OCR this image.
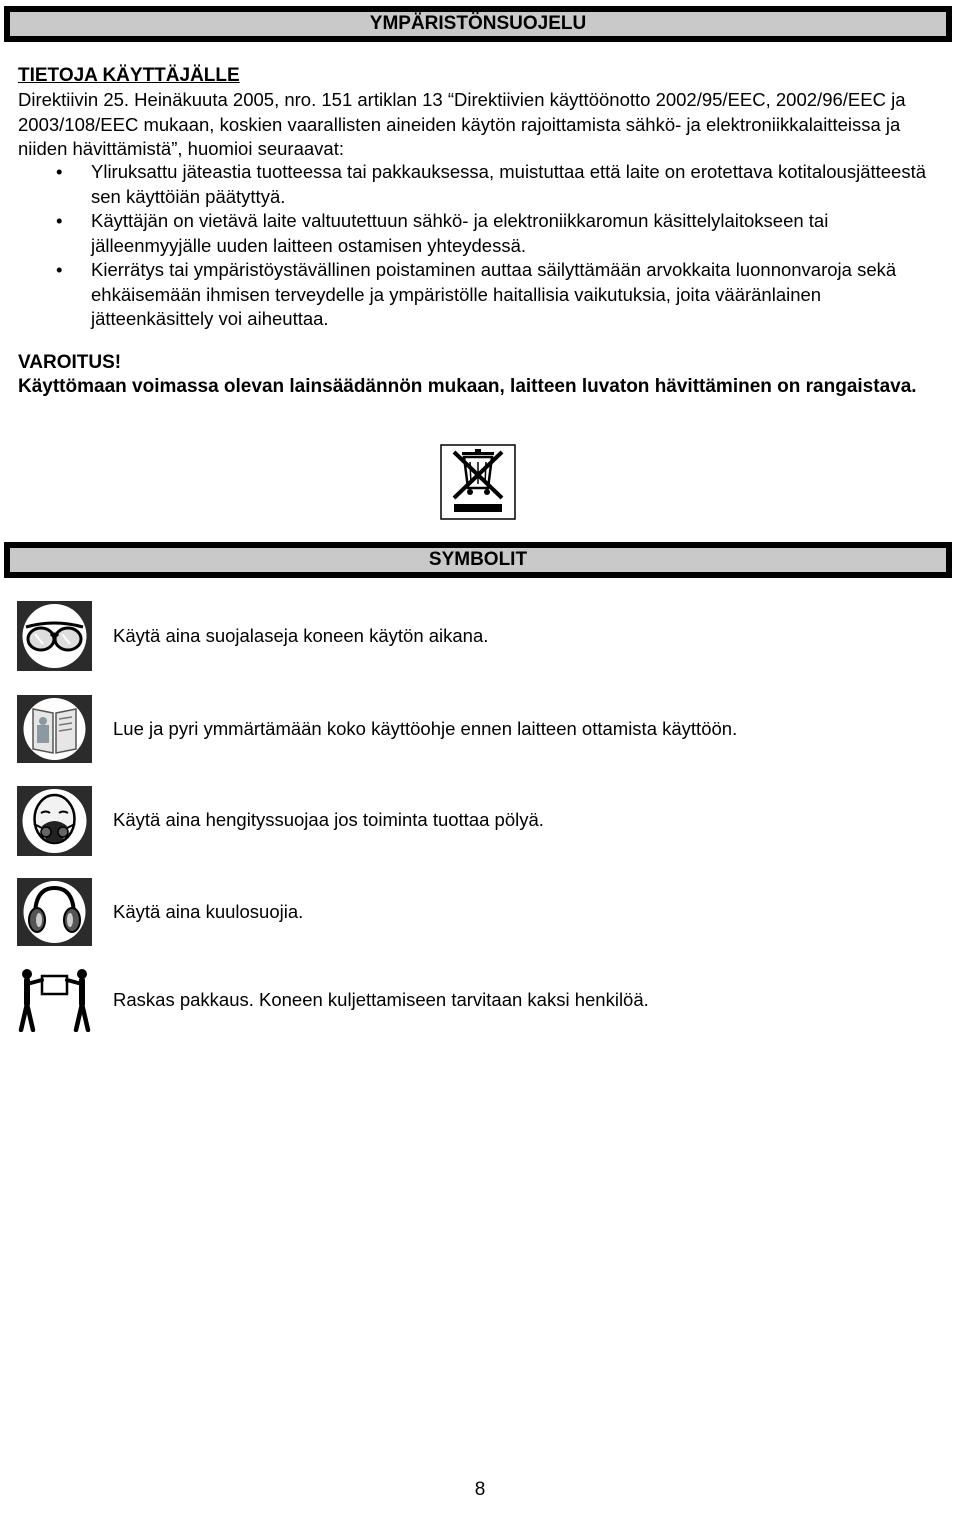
YMPÄRISTÖNSUOJELU
TIETOJA KÄYTTÄJÄLLE
Direktiivin 25. Heinäkuuta 2005, nro. 151 artiklan 13 “Direktiivien käyttöönotto 2002/95/EEC, 2002/96/EEC ja 2003/108/EEC mukaan, koskien vaarallisten aineiden käytön rajoittamista sähkö- ja elektroniikkalaitteissa ja niiden hävittämistä”, huomioi seuraavat:
• Yliruksattu jäteastia tuotteessa tai pakkauksessa, muistuttaa että laite on erotettava kotitalousjätteestä sen käyttöiän päätyttyä.
• Käyttäjän on vietävä laite valtuutettuun sähkö- ja elektroniikkaromun käsittelylaitokseen tai jälleenmyyjälle uuden laitteen ostamisen yhteydessä.
• Kierrätys tai ympäristöystävällinen poistaminen auttaa säilyttämään arvokkaita luonnonvaroja sekä ehkäisemään ihmisen terveydelle ja ympäristölle haitallisia vaikutuksia, joita vääränlainen jätteenkäsittely voi aiheuttaa.
VAROITUS!
Käyttömaan voimassa olevan lainsäädännön mukaan, laitteen luvaton hävittäminen on rangaistava.
SYMBOLIT
Käytä aina suojalaseja koneen käytön aikana.
Lue ja pyri ymmärtämään koko käyttöohje ennen laitteen ottamista käyttöön.
Käytä aina hengityssuojaa jos toiminta tuottaa pölyä.
Käytä aina kuulosuojia.
Raskas pakkaus. Koneen kuljettamiseen tarvitaan kaksi henkilöä.
8
